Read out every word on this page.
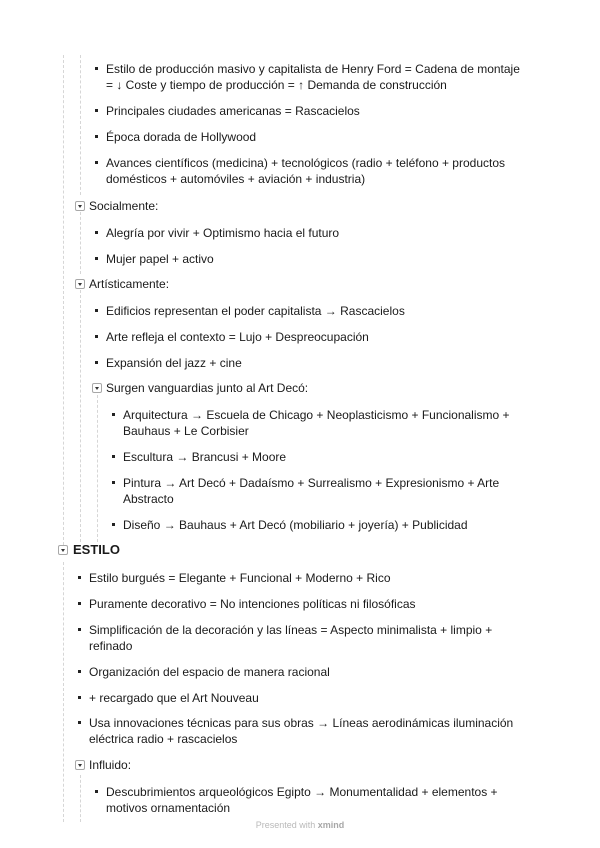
Estilo de producción masivo y capitalista de Henry Ford = Cadena de montaje
= ↓ Coste y tiempo de producción = ↑ Demanda de construcción
Principales ciudades americanas = Rascacielos
Época dorada de Hollywood
Avances científicos (medicina) + tecnológicos (radio + teléfono + productos
domésticos + automóviles + aviación + industria)
Socialmente:
Alegría por vivir + Optimismo hacia el futuro
Mujer papel + activo
Artísticamente:
Edificios representan el poder capitalista → Rascacielos
Arte refleja el contexto = Lujo + Despreocupación
Expansión del jazz + cine
Surgen vanguardias junto al Art Decó:
Arquitectura → Escuela de Chicago + Neoplasticismo + Funcionalismo +
Bauhaus + Le Corbisier
Escultura → Brancusi + Moore
Pintura → Art Decó + Dadaísmo + Surrealismo + Expresionismo + Arte
Abstracto
Diseño → Bauhaus + Art Decó (mobiliario + joyería) + Publicidad
ESTILO
Estilo burgués = Elegante + Funcional + Moderno + Rico
Puramente decorativo = No intenciones políticas ni filosóficas
Simplificación de la decoración y las líneas = Aspecto minimalista + limpio +
refinado
Organización del espacio de manera racional
+ recargado que el Art Nouveau
Usa innovaciones técnicas para sus obras → Líneas aerodinámicas iluminación
eléctrica radio + rascacielos
Influido:
Descubrimientos arqueológicos Egipto → Monumentalidad + elementos +
motivos ornamentación
Presented with xmind
